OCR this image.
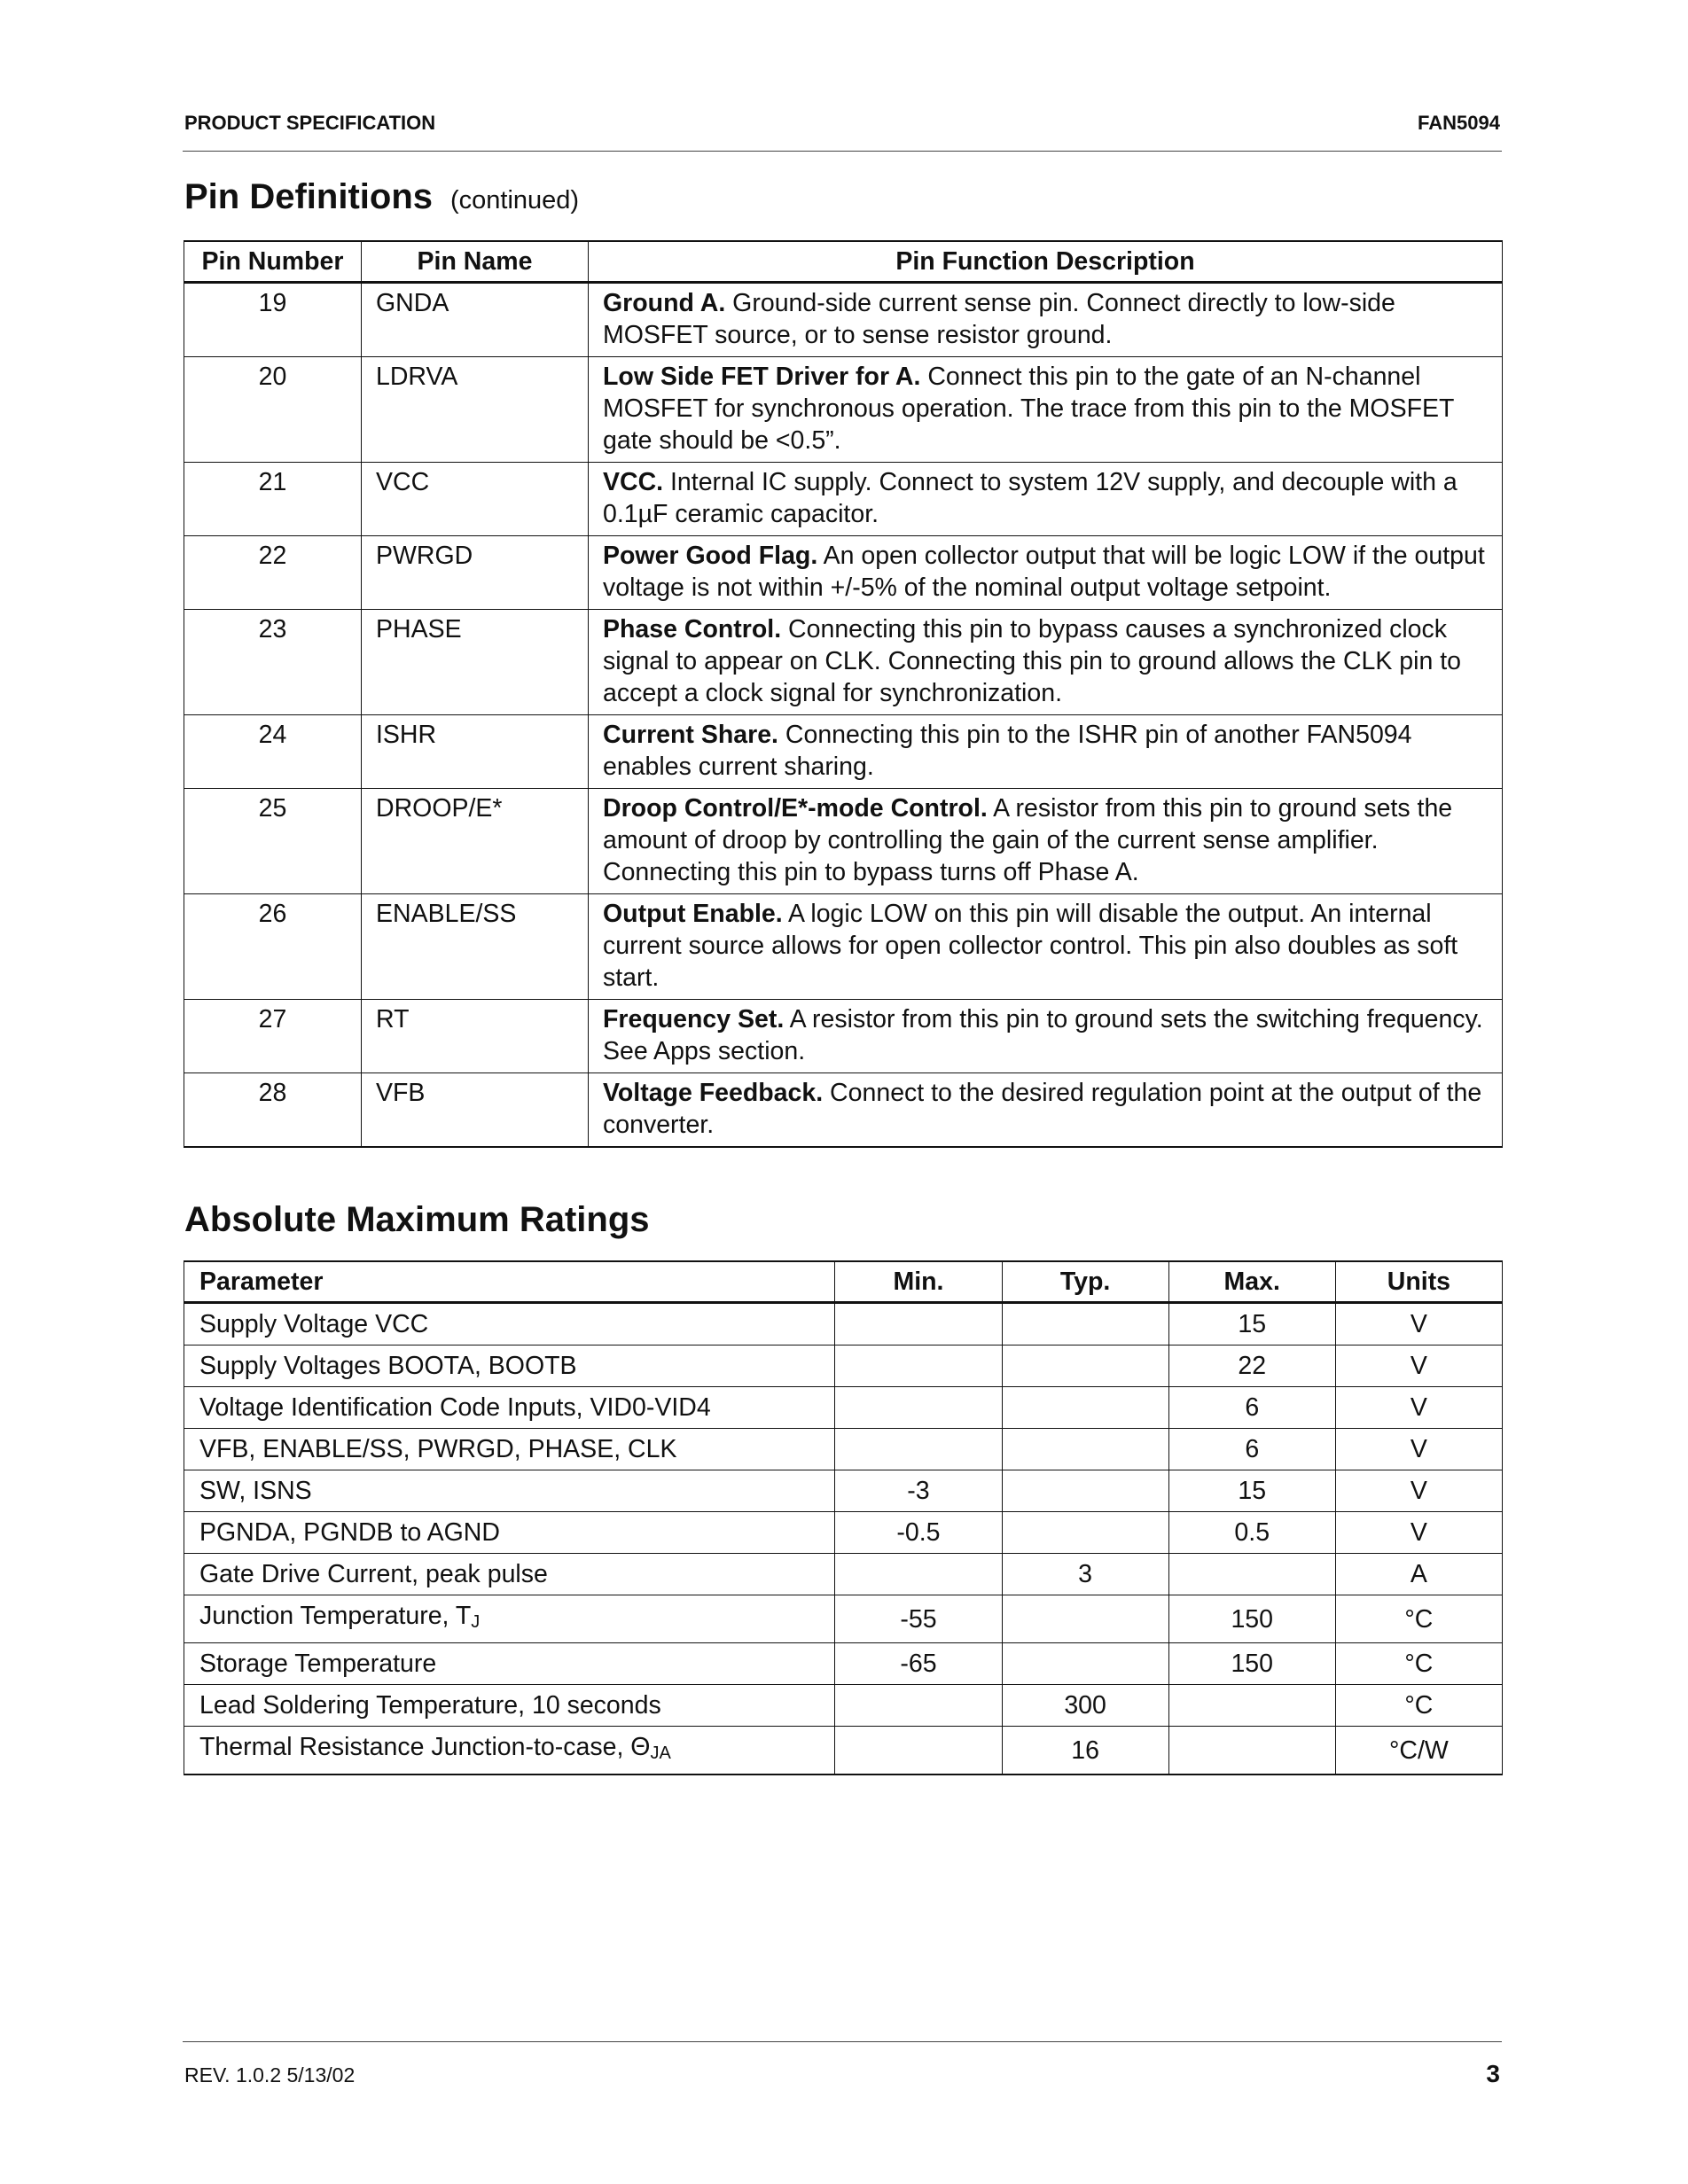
PRODUCT SPECIFICATION	FAN5094
Pin Definitions (continued)
Pin Number	Pin Name	Pin Function Description
19	GNDA	Ground A. Ground-side current sense pin. Connect directly to low-side MOSFET source, or to sense resistor ground.
20	LDRVA	Low Side FET Driver for A. Connect this pin to the gate of an N-channel MOSFET for synchronous operation. The trace from this pin to the MOSFET gate should be <0.5”.
21	VCC	VCC. Internal IC supply. Connect to system 12V supply, and decouple with a 0.1µF ceramic capacitor.
22	PWRGD	Power Good Flag. An open collector output that will be logic LOW if the output voltage is not within +/-5% of the nominal output voltage setpoint.
23	PHASE	Phase Control. Connecting this pin to bypass causes a synchronized clock signal to appear on CLK. Connecting this pin to ground allows the CLK pin to accept a clock signal for synchronization.
24	ISHR	Current Share. Connecting this pin to the ISHR pin of another FAN5094 enables current sharing.
25	DROOP/E*	Droop Control/E*-mode Control. A resistor from this pin to ground sets the amount of droop by controlling the gain of the current sense amplifier. Connecting this pin to bypass turns off Phase A.
26	ENABLE/SS	Output Enable. A logic LOW on this pin will disable the output. An internal current source allows for open collector control. This pin also doubles as soft start.
27	RT	Frequency Set. A resistor from this pin to ground sets the switching frequency. See Apps section.
28	VFB	Voltage Feedback. Connect to the desired regulation point at the output of the converter.
Absolute Maximum Ratings
Parameter	Min.	Typ.	Max.	Units
Supply Voltage VCC			15	V
Supply Voltages BOOTA, BOOTB			22	V
Voltage Identification Code Inputs, VID0-VID4			6	V
VFB, ENABLE/SS, PWRGD, PHASE, CLK			6	V
SW, ISNS	-3		15	V
PGNDA, PGNDB to AGND	-0.5		0.5	V
Gate Drive Current, peak pulse		3		A
Junction Temperature, $T_J$	-55		150	°C
Storage Temperature	-65		150	°C
Lead Soldering Temperature, 10 seconds		300		°C
Thermal Resistance Junction-to-case, $\Theta_{JA}$		16		°C/W
REV. 1.0.2 5/13/02	3
